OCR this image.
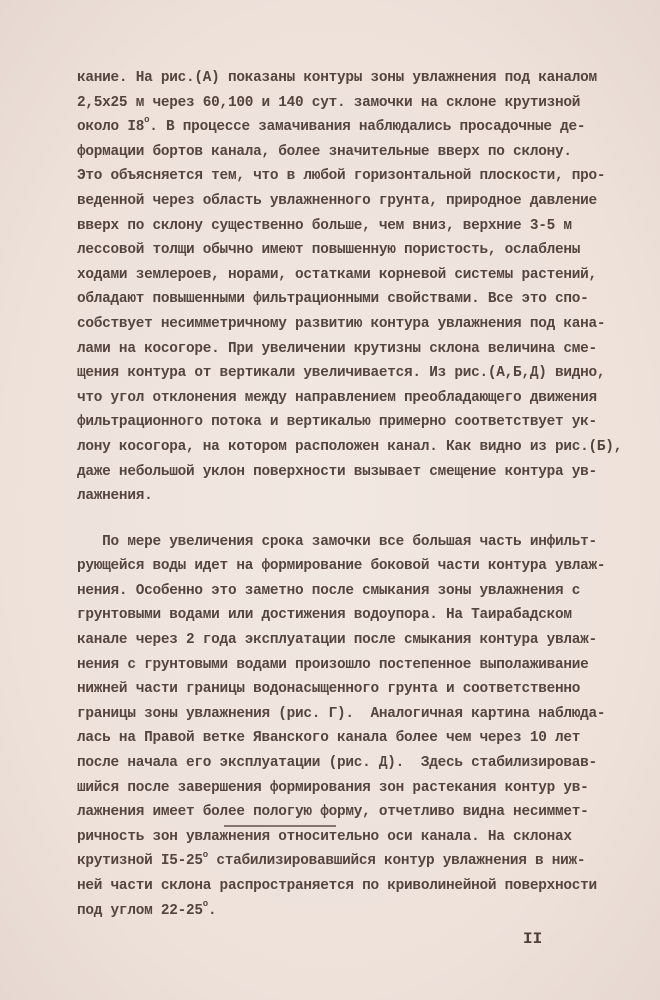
кание. На рис.(А) показаны контуры зоны увлажнения под каналом
2,5х25 м через 60,100 и 140 сут. замочки на склоне крутизной
около I8$^o$. В процессе замачивания наблюдались просадочные де-
формации бортов канала, более значительные вверх по склону.
Это объясняется тем, что в любой горизонтальной плоскости, про-
веденной через область увлажненного грунта, природное давление
вверх по склону существенно больше, чем вниз, верхние 3-5 м
лессовой толщи обычно имеют повышенную пористость, ослаблены
ходами землероев, норами, остатками корневой системы растений,
обладают повышенными фильтрационными свойствами. Все это спо-
собствует несимметричному развитию контура увлажнения под кана-
лами на косогоре. При увеличении крутизны склона величина сме-
щения контура от вертикали увеличивается. Из рис.(А,Б,Д) видно,
что угол отклонения между направлением преобладающего движения
фильтрационного потока и вертикалью примерно соответствует ук-
лону косогора, на котором расположен канал. Как видно из рис.(Б),
даже небольшой уклон поверхности вызывает смещение контура ув-
лажнения.
По мере увеличения срока замочки все большая часть инфильт-
рующейся воды идет на формирование боковой части контура увлаж-
нения. Особенно это заметно после смыкания зоны увлажнения с
грунтовыми водами или достижения водоупора. На Таирабадском
канале через 2 года эксплуатации после смыкания контура увлаж-
нения с грунтовыми водами произошло постепенное выполаживание
нижней части границы водонасыщенного грунта и соответственно
границы зоны увлажнения (рис. Г).  Аналогичная картина наблюда-
лась на Правой ветке Яванского канала более чем через 10 лет
после начала его эксплуатации (рис. Д).  Здесь стабилизировав-
шийся после завершения формирования зон растекания контур ув-
лажнения имеет более пологую форму, отчетливо видна несиммет-
ричность зон увлажнения относительно оси канала. На склонах
крутизной I5-25$^o$ стабилизировавшийся контур увлажнения в ниж-
ней части склона распространяется по криволинейной поверхности
под углом 22-25$^o$.
II
